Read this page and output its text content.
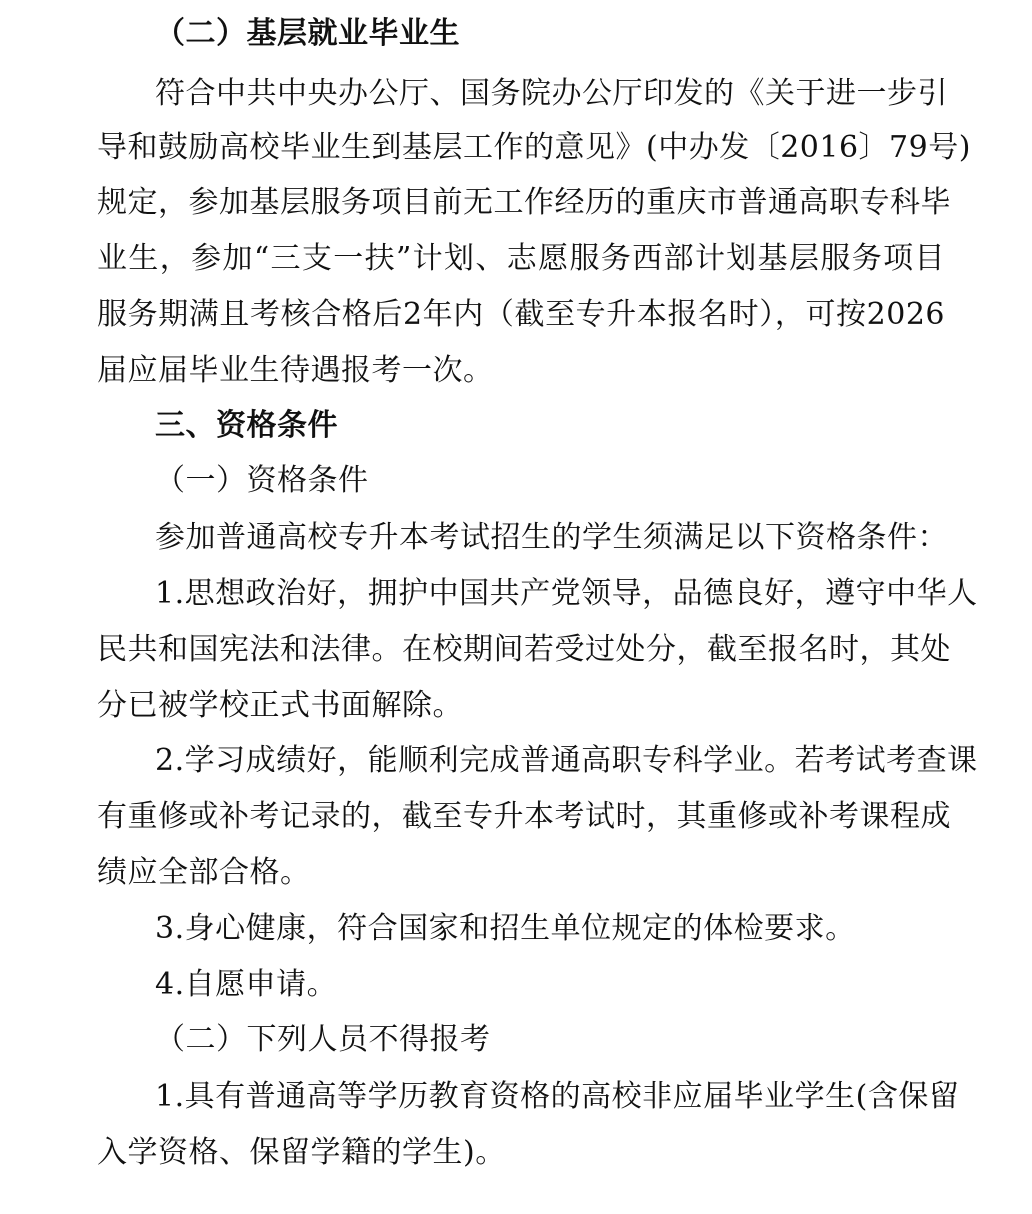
（二）基层就业毕业生
符合中共中央办公厅、国务院办公厅印发的《关于进一步引
导和鼓励高校毕业生到基层工作的意见》(中办发〔2016〕79号)
规定，参加基层服务项目前无工作经历的重庆市普通高职专科毕
业生，参加“三支一扶”计划、志愿服务西部计划基层服务项目
服务期满且考核合格后2年内（截至专升本报名时），可按2026
届应届毕业生待遇报考一次。
三、资格条件
（一）资格条件
参加普通高校专升本考试招生的学生须满足以下资格条件：
1.思想政治好，拥护中国共产党领导，品德良好，遵守中华人
民共和国宪法和法律。在校期间若受过处分，截至报名时，其处
分已被学校正式书面解除。
2.学习成绩好，能顺利完成普通高职专科学业。若考试考查课
有重修或补考记录的，截至专升本考试时，其重修或补考课程成
绩应全部合格。
3.身心健康，符合国家和招生单位规定的体检要求。
4.自愿申请。
（二）下列人员不得报考
1.具有普通高等学历教育资格的高校非应届毕业学生(含保留
入学资格、保留学籍的学生)。
